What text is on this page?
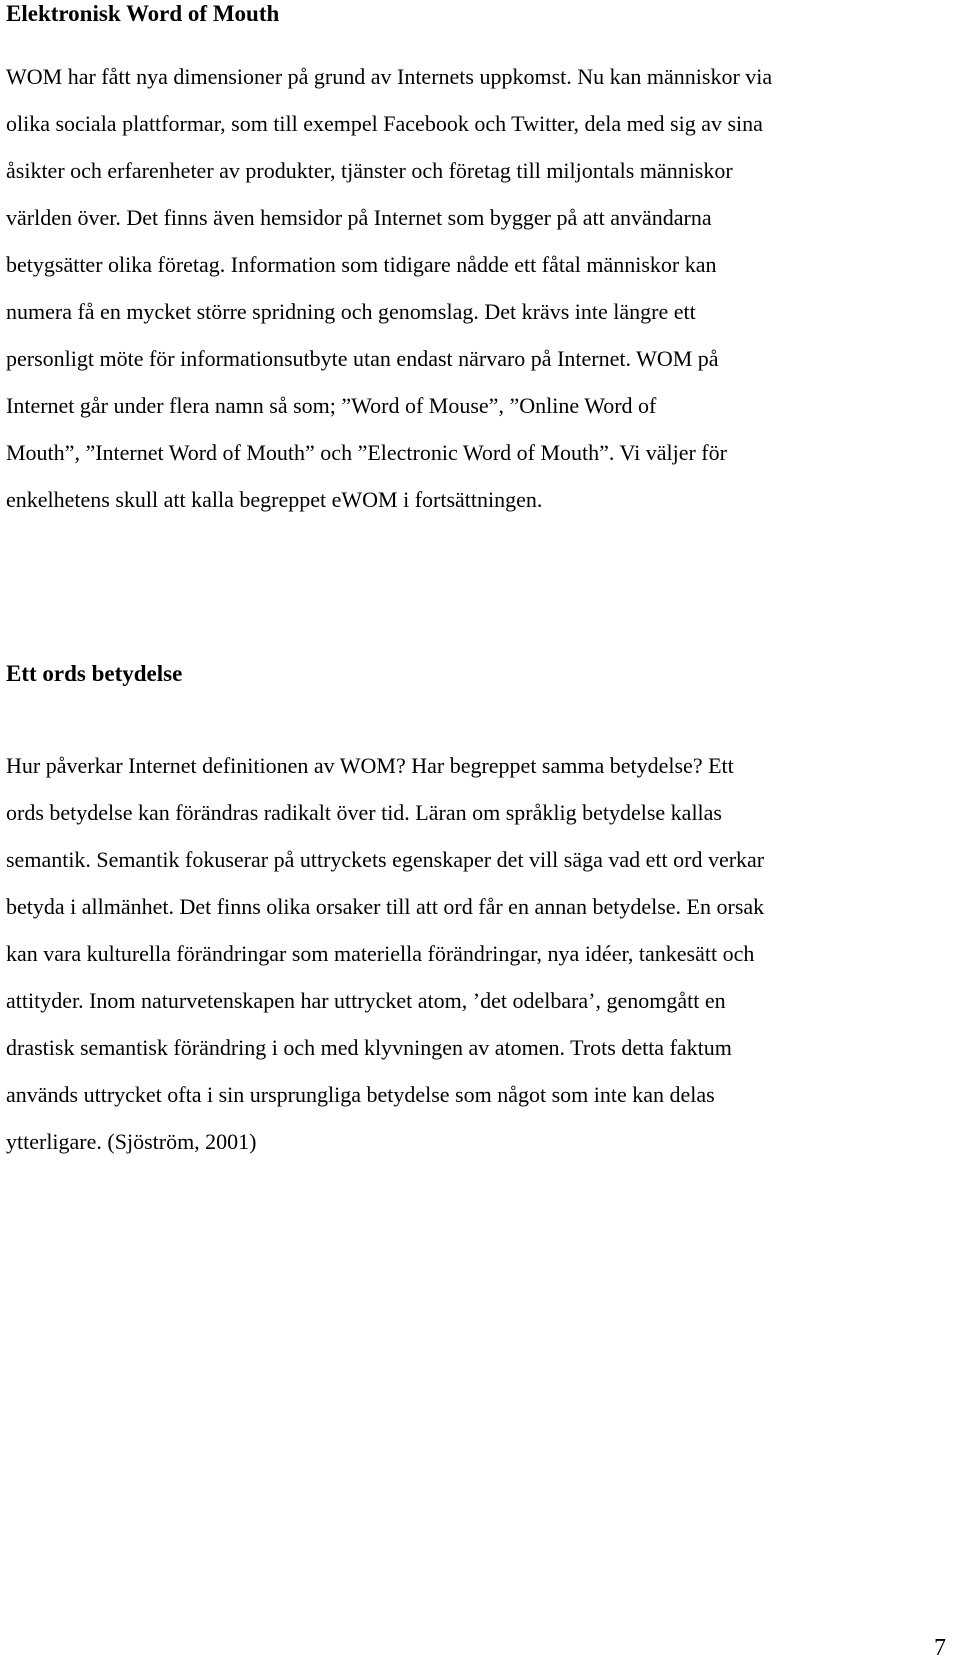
Elektronisk Word of Mouth
WOM har fått nya dimensioner på grund av Internets uppkomst. Nu kan människor via
olika sociala plattformar, som till exempel Facebook och Twitter, dela med sig av sina
åsikter och erfarenheter av produkter, tjänster och företag till miljontals människor
världen över. Det finns även hemsidor på Internet som bygger på att användarna
betygsätter olika företag. Information som tidigare nådde ett fåtal människor kan
numera få en mycket större spridning och genomslag. Det krävs inte längre ett
personligt möte för informationsutbyte utan endast närvaro på Internet. WOM på
Internet går under flera namn så som; ”Word of Mouse”, ”Online Word of
Mouth”, ”Internet Word of Mouth” och ”Electronic Word of Mouth”. Vi väljer för
enkelhetens skull att kalla begreppet eWOM i fortsättningen.
Ett ords betydelse
Hur påverkar Internet definitionen av WOM? Har begreppet samma betydelse? Ett
ords betydelse kan förändras radikalt över tid. Läran om språklig betydelse kallas
semantik. Semantik fokuserar på uttryckets egenskaper det vill säga vad ett ord verkar
betyda i allmänhet. Det finns olika orsaker till att ord får en annan betydelse. En orsak
kan vara kulturella förändringar som materiella förändringar, nya idéer, tankesätt och
attityder. Inom naturvetenskapen har uttrycket atom, ’det odelbara’, genomgått en
drastisk semantisk förändring i och med klyvningen av atomen. Trots detta faktum
används uttrycket ofta i sin ursprungliga betydelse som något som inte kan delas
ytterligare. (Sjöström, 2001)
7
